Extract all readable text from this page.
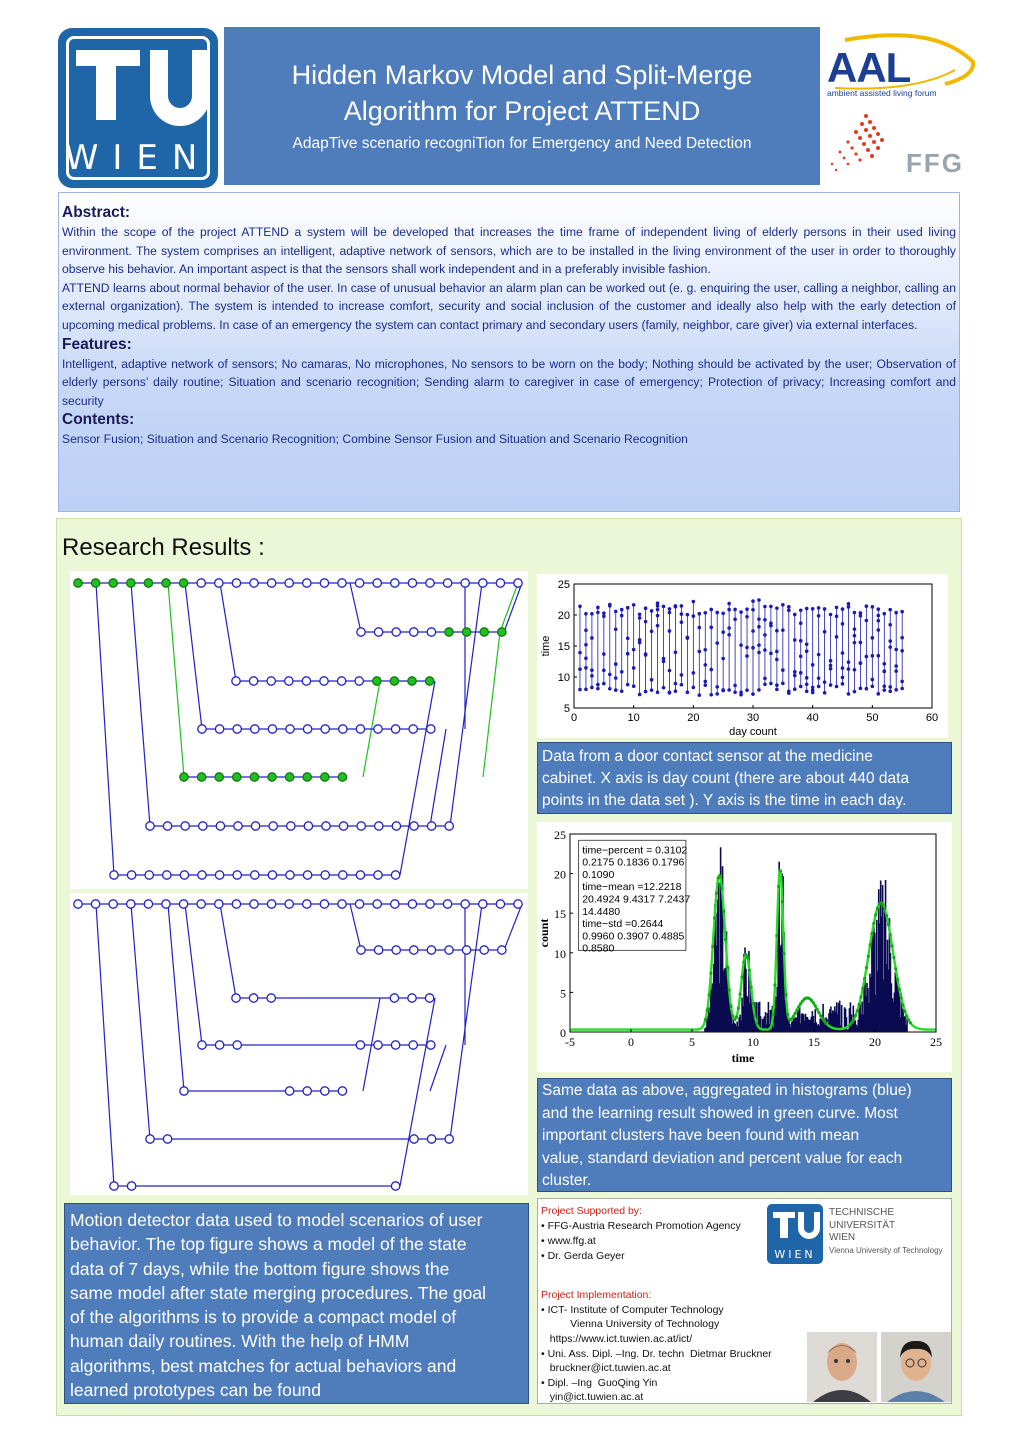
WIEN
Hidden Markov Model and Split-Merge
Algorithm for Project ATTEND
AdapTive scenario recogniTion for Emergency and Need Detection
AAL
ambient assisted living forum
FFG
Abstract:

Within the scope of the project ATTEND a system will be developed that increases the time frame of independent living of elderly persons in their used living environment. The system comprises an intelligent, adaptive network of sensors, which are to be installed in the living environment of the user in order to thoroughly observe his behavior. An important aspect is that the sensors shall work independent and in a preferably invisible fashion.

ATTEND learns about normal behavior of the user. In case of unusual behavior an alarm plan can be worked out (e. g. enquiring the user, calling a neighbor, calling an external organization). The system is intended to increase comfort, security and social inclusion of the customer and ideally also help with the early detection of upcoming medical problems. In case of an emergency the system can contact primary and secondary users (family, neighbor, care giver) via external interfaces.

Features:

Intelligent, adaptive network of sensors; No camaras, No microphones, No sensors to be worn on the body; Nothing should be activated by the user; Observation of elderly persons’ daily routine; Situation and scenario recognition; Sending alarm to caregiver in case of emergency; Protection of privacy; Increasing comfort and security

Contents:

Sensor Fusion; Situation and Scenario Recognition; Combine Sensor Fusion and Situation and Scenario Recognition

Research Results :
0	10	20	30	40	50	60
5
10
15
20
25
day count
time
Data from a door contact sensor at the medicine
cabinet. X axis is day count (there are about 440 data
points in the data set ). Y axis is the time in each day.
time−percent = 0.3102
0.2175 0.1836 0.1796
0.1090
time−mean =12.2218
20.4924 9.4317 7.2437
14.4480
time−std =0.2644
0.9960 0.3907 0.4885
0.8580
-5	0	5	10	15	20	25
0
5
10
15
20
25
time
count
Same data as above, aggregated in histograms (blue)
and the learning result showed in green curve. Most
important clusters have been found with mean
value, standard deviation and percent value for each
cluster.
Motion detector data used to model scenarios of user
behavior. The top figure shows a model of the state
data of 7 days, while the bottom figure shows the
same model after state merging procedures. The goal
of the algorithms is to provide a compact model of
human daily routines. With the help of HMM
algorithms, best matches for actual behaviors and
learned prototypes can be found
Project Supported by:
• FFG-Austria Research Promotion Agency
• www.ffg.at
• Dr. Gerda Geyer
Project Implementation:
• ICT- Institute of Computer Technology
Vienna University of Technology
https://www.ict.tuwien.ac.at/ict/
• Uni. Ass. Dipl. –Ing. Dr. techn  Dietmar Bruckner
bruckner@ict.tuwien.ac.at
• Dipl. –Ing  GuoQing Yin
yin@ict.tuwien.ac.at
WIEN
TECHNISCHE
UNIVERSITÄT
WIEN
Vienna University of Technology
